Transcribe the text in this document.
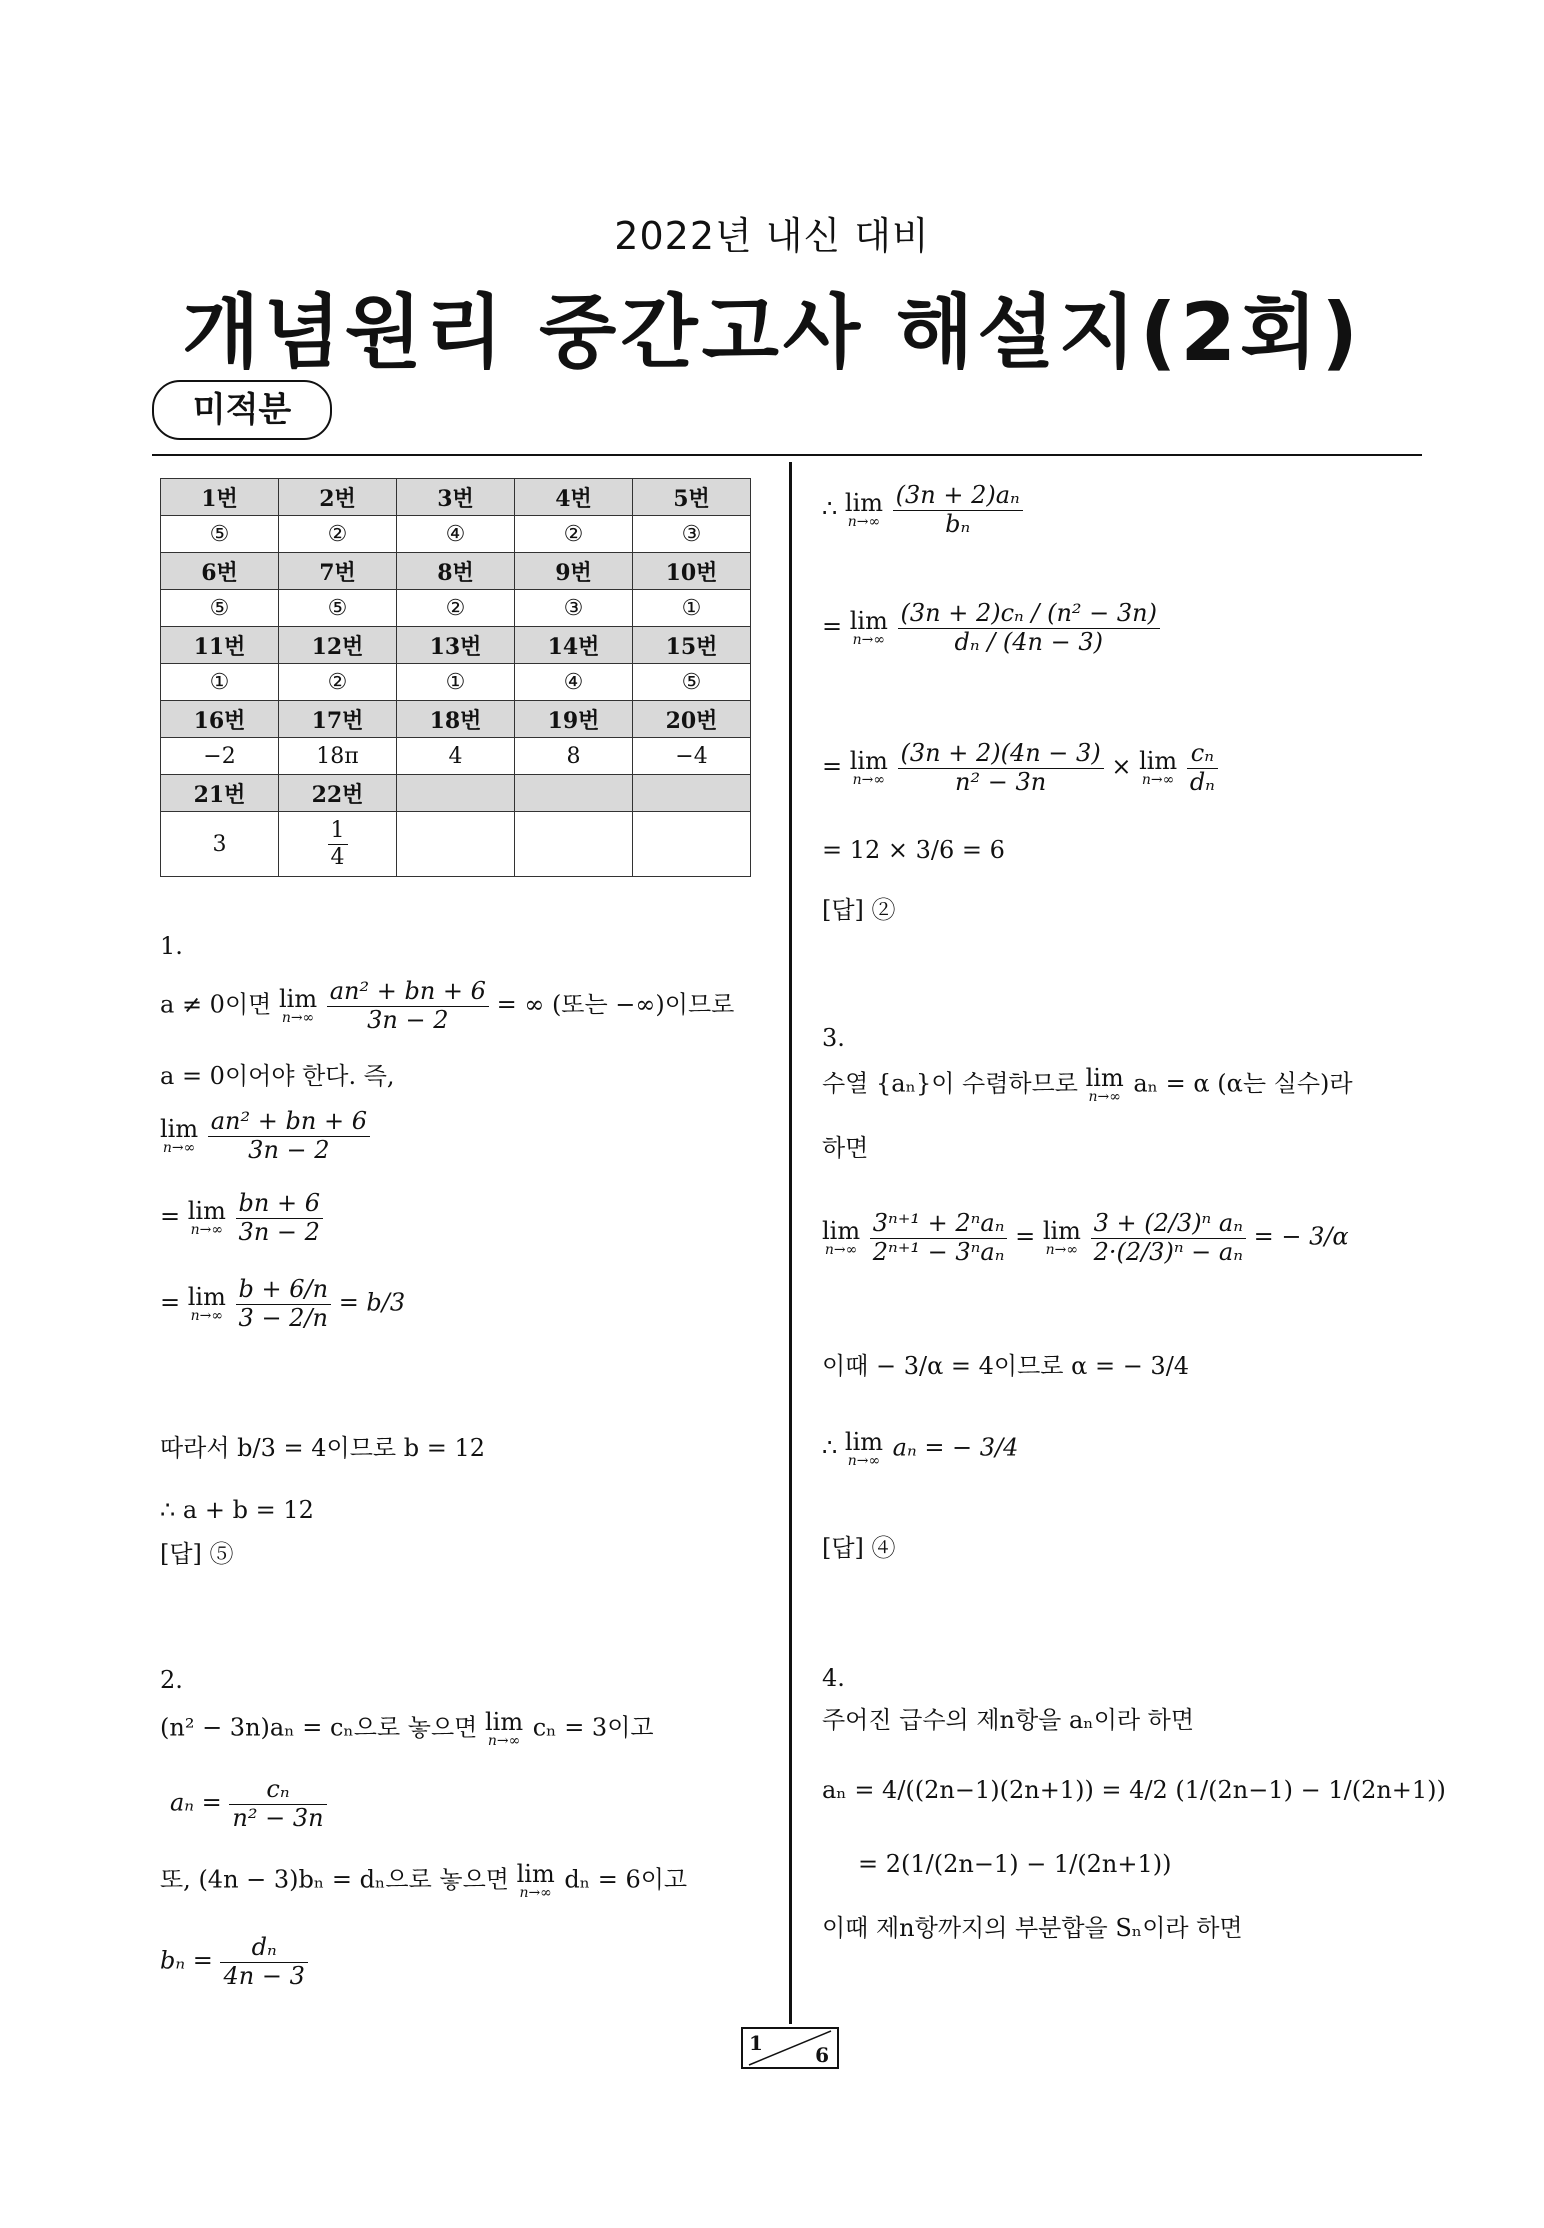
2022년 내신 대비
개념원리 중간고사 해설지(2회)
미적분
1번	2번	3번	4번	5번
⑤	②	④	②	③
6번	7번	8번	9번	10번
⑤	⑤	②	③	①
11번	12번	13번	14번	15번
①	②	①	④	⑤
16번	17번	18번	19번	20번
−2	18π	4	8	−4
21번	22번			
3	$\frac{1}{4}$

1.
a ≠ 0이면 lim
n→∞
$\frac{\text{an² + bn + 6}}{3n - 2}$ = ∞ (또는 −∞)이므로
a = 0이어야 한다. 즉,
lim
n→∞
$\frac{\text{an² + bn + 6}}{3n - 2}$
= lim
n→∞
$\frac{bn + 6}{3n - 2}$
= lim
n→∞
$\frac{b + 6/n}{3 - 2/n} = b/3$
따라서 b/3 = 4이므로 b = 12
∴ a + b = 12
[답] ⑤
2.
(n² − 3n)aₙ = cₙ으로 놓으면 lim
n→∞ cₙ = 3이고
$a_n = \frac{\text{cₙ}}{\text{n² − 3n}}$
또, (4n − 3)bₙ = dₙ으로 놓으면 lim
n→∞ dₙ = 6이고
$b_n = \frac{\text{dₙ}}{4n - 3}$
∴ lim
n→∞
$\frac{\text{(3n + 2)aₙ}}{\text{bₙ}}$
= lim
n→∞
$\frac{\text{(3n + 2)cₙ / (n² − 3n)}}{\text{dₙ / (4n − 3)}}$
= lim
n→∞
$\frac{(3n + 2)(4n - 3)}{\text{n² − 3n}} \times \lim$
n→∞
$\frac{\text{cₙ}}{\text{dₙ}}$
= 12 × 3/6 = 6
[답] ②
3.
수열 {aₙ}이 수렴하므로 lim
n→∞ aₙ = α (α는 실수)라
하면
lim
n→∞

3ⁿ⁺¹ + 2ⁿaₙ
2ⁿ⁺¹ − 3ⁿaₙ
= lim
n→∞
$\frac{\text{3 + (2/3)ⁿ aₙ}}{\text{2·(2/3)ⁿ − aₙ}}$ = − 3/α
이때 − 3/α = 4이므로 α = − 3/4
∴ lim
n→∞ aₙ = − 3/4
[답] ④
4.
주어진 급수의 제n항을 aₙ이라 하면
aₙ = 4/((2n−1)(2n+1)) = 4/2 (1/(2n−1) − 1/(2n+1))
= 2(1/(2n−1) − 1/(2n+1))
이때 제n항까지의 부분합을 Sₙ이라 하면
1	6
